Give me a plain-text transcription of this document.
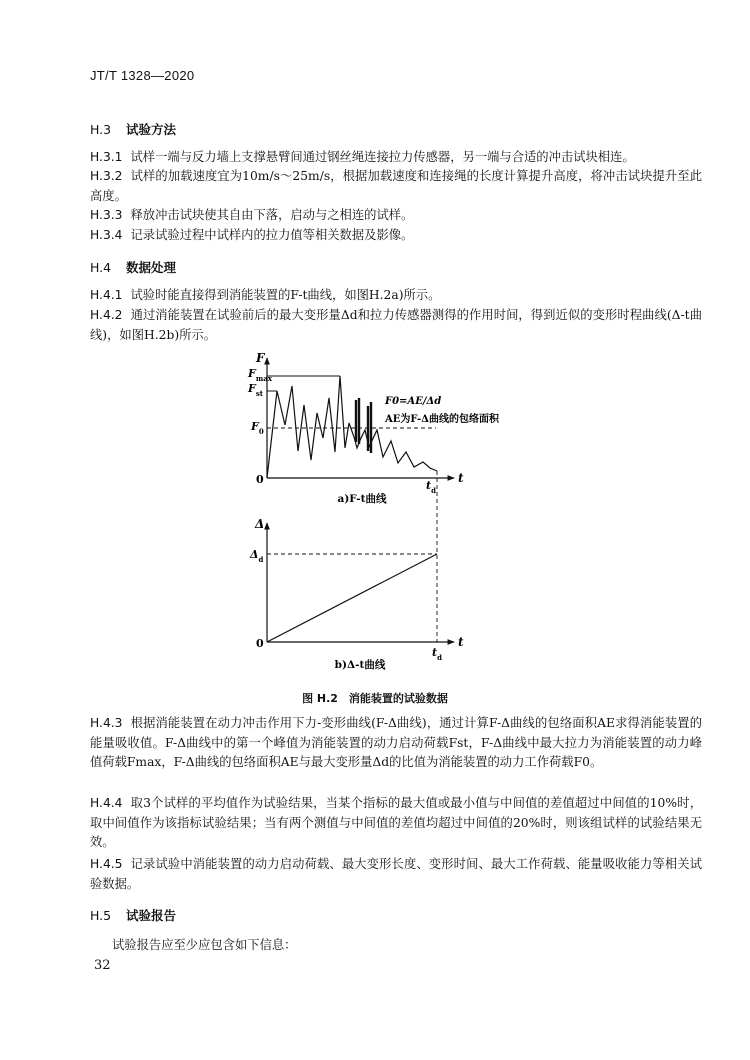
JT/T 1328—2020
H.3 试验方法
H.3.1 试样一端与反力墙上支撑悬臂间通过钢丝绳连接拉力传感器，另一端与合适的冲击试块相连。
H.3.2 试样的加载速度宜为10m/s～25m/s，根据加载速度和连接绳的长度计算提升高度，将冲击试块提升至此高度。
H.3.3 释放冲击试块使其自由下落，启动与之相连的试样。
H.3.4 记录试验过程中试样内的拉力值等相关数据及影像。
H.4 数据处理
H.4.1 试验时能直接得到消能装置的F-t曲线，如图H.2a)所示。
H.4.2 通过消能装置在试验前后的最大变形量Δd和拉力传感器测得的作用时间，得到近似的变形时程曲线(Δ-t曲线)，如图H.2b)所示。
F
t
0
$F_{max}$
$F_{st}$
$F_0$
F0=AE/Δd
AE为F-Δ曲线的包络面积
$t_d$
a)F-t曲线
Δ
t
0
$\Delta_d$
$t_d$
b)Δ-t曲线
图 H.2　消能装置的试验数据
H.4.3 根据消能装置在动力冲击作用下力-变形曲线(F-Δ曲线)，通过计算F-Δ曲线的包络面积AE求得消能装置的能量吸收值。F-Δ曲线中的第一个峰值为消能装置的动力启动荷载Fst，F-Δ曲线中最大拉力为消能装置的动力峰值荷载Fmax，F-Δ曲线的包络面积AE与最大变形量Δd的比值为消能装置的动力工作荷载F0。
H.4.4 取3个试样的平均值作为试验结果，当某个指标的最大值或最小值与中间值的差值超过中间值的10%时，取中间值作为该指标试验结果；当有两个测值与中间值的差值均超过中间值的20%时，则该组试样的试验结果无效。
H.4.5 记录试验中消能装置的动力启动荷载、最大变形长度、变形时间、最大工作荷载、能量吸收能力等相关试验数据。
H.5 试验报告
试验报告应至少应包含如下信息：
32
